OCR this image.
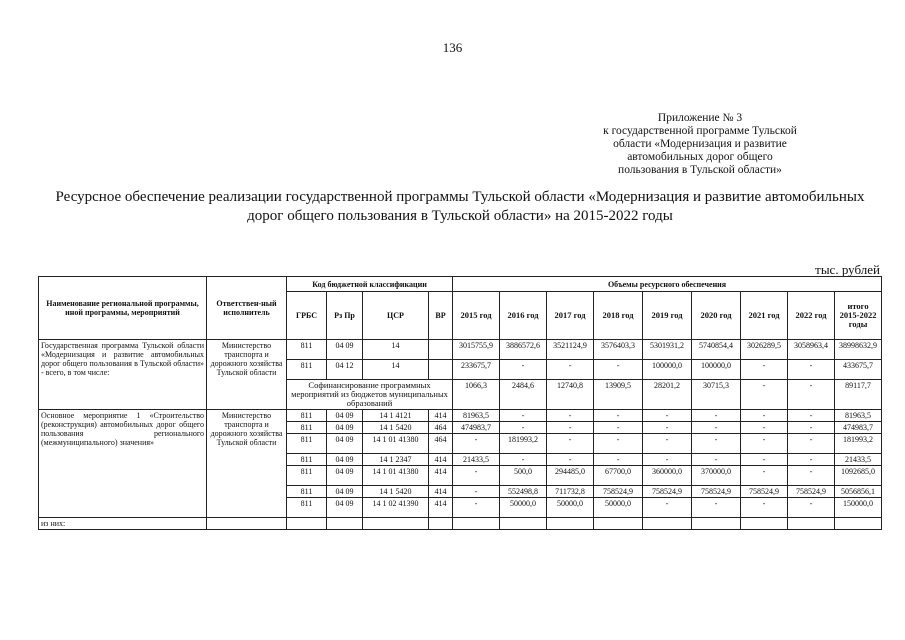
136
Приложение № 3
к государственной программе Тульской
области «Модернизация и развитие
автомобильных дорог общего
пользования в Тульской области»
Ресурсное обеспечение реализации государственной программы Тульской области «Модернизация и развитие автомобильных
дорог общего пользования в Тульской области» на 2015-2022 годы
тыс. рублей
Наименование региональной программы, иной программы, мероприятий	Ответствен-ный исполнитель	Код бюджетной классификации				Объемы ресурсного обеспечения								
		ГРБС	Рз Пр	ЦСР	ВР	2015 год	2016 год	2017 год	2018 год	2019 год	2020 год	2021 год	2022 год	итого 2015-2022 годы
Государственная программа Тульской области «Модернизация и развитие автомобильных дорог общего пользования в Тульской области» - всего, в том числе:	Министерство транспорта и дорожного хозяйства Тульской области	811	04 09	14		3015755,9	3886572,6	3521124,9	3576403,3	5301931,2	5740854,4	3026289,5	3058963,4	38998632,9
		811	04 12	14		233675,7	-	-	-	100000,0	100000,0	-	-	433675,7
		Софинансирование программных мероприятий из бюджетов муниципальных образований				1066,3	2484,6	12740,8	13909,5	28201,2	30715,3	-	-	89117,7
Основное мероприятие 1 «Строительство (реконструкция) автомобильных дорог общего пользования регионального (межмуниципального) значения»	Министерство транспорта и дорожного хозяйства Тульской области	811	04 09	14 1 4121	414	81963,5	-	-	-	-	-	-	-	81963,5
		811	04 09	14 1 5420	464	474983,7	-	-	-	-	-	-	-	474983,7
		811	04 09	14 1 01 41380	464	-	181993,2	-	-	-	-	-	-	181993,2
		811	04 09	14 1 2347	414	21433,5	-	-	-	-	-	-	-	21433,5
		811	04 09	14 1 01 41380	414	-	500,0	294485,0	67700,0	360000,0	370000,0	-	-	1092685,0
		811	04 09	14 1 5420	414	-	552498,8	711732,8	758524,9	758524,9	758524,9	758524,9	758524,9	5056856,1
		811	04 09	14 1 02 41390	414	-	50000,0	50000,0	50000,0	-	-	-	-	150000,0
из них:														
